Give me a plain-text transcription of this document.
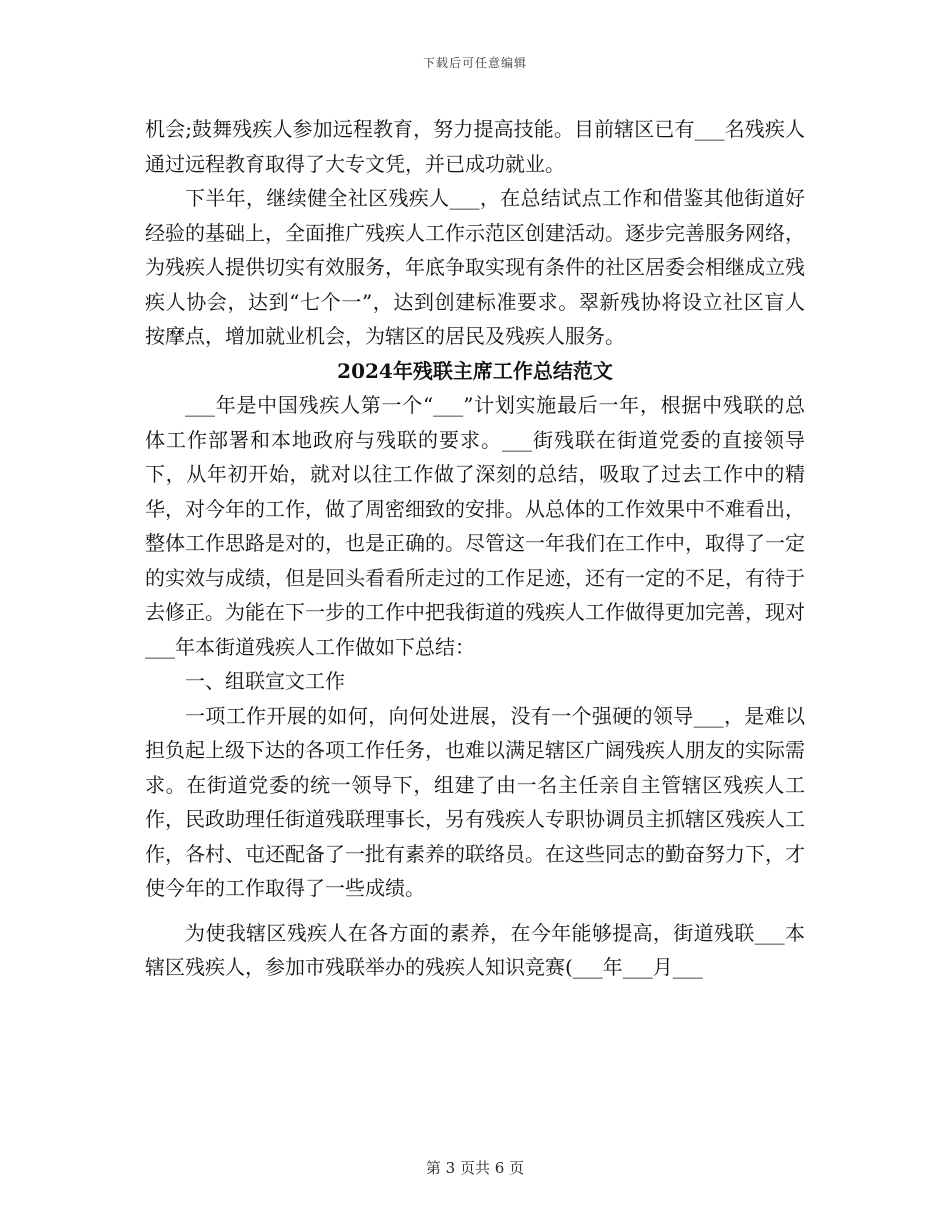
下载后可任意编辑

机会;鼓舞残疾人参加远程教育，努力提高技能。目前辖区已有___名残疾人通过远程教育取得了大专文凭，并已成功就业。

下半年，继续健全社区残疾人___，在总结试点工作和借鉴其他街道好经验的基础上，全面推广残疾人工作示范区创建活动。逐步完善服务网络，为残疾人提供切实有效服务，年底争取实现有条件的社区居委会相继成立残疾人协会，达到“七个一”，达到创建标准要求。翠新残协将设立社区盲人按摩点，增加就业机会，为辖区的居民及残疾人服务。

2024年残联主席工作总结范文

___年是中国残疾人第一个“___”计划实施最后一年，根据中残联的总体工作部署和本地政府与残联的要求。___街残联在街道党委的直接领导下，从年初开始，就对以往工作做了深刻的总结，吸取了过去工作中的精华，对今年的工作，做了周密细致的安排。从总体的工作效果中不难看出，整体工作思路是对的，也是正确的。尽管这一年我们在工作中，取得了一定的实效与成绩，但是回头看看所走过的工作足迹，还有一定的不足，有待于去修正。为能在下一步的工作中把我街道的残疾人工作做得更加完善，现对___年本街道残疾人工作做如下总结：

一、组联宣文工作

一项工作开展的如何，向何处进展，没有一个强硬的领导___，是难以担负起上级下达的各项工作任务，也难以满足辖区广阔残疾人朋友的实际需求。在街道党委的统一领导下，组建了由一名主任亲自主管辖区残疾人工作，民政助理任街道残联理事长，另有残疾人专职协调员主抓辖区残疾人工作，各村、屯还配备了一批有素养的联络员。在这些同志的勤奋努力下，才使今年的工作取得了一些成绩。

为使我辖区残疾人在各方面的素养，在今年能够提高，街道残联___本辖区残疾人，参加市残联举办的残疾人知识竞赛(___年___月___

第 3 页共 6 页
